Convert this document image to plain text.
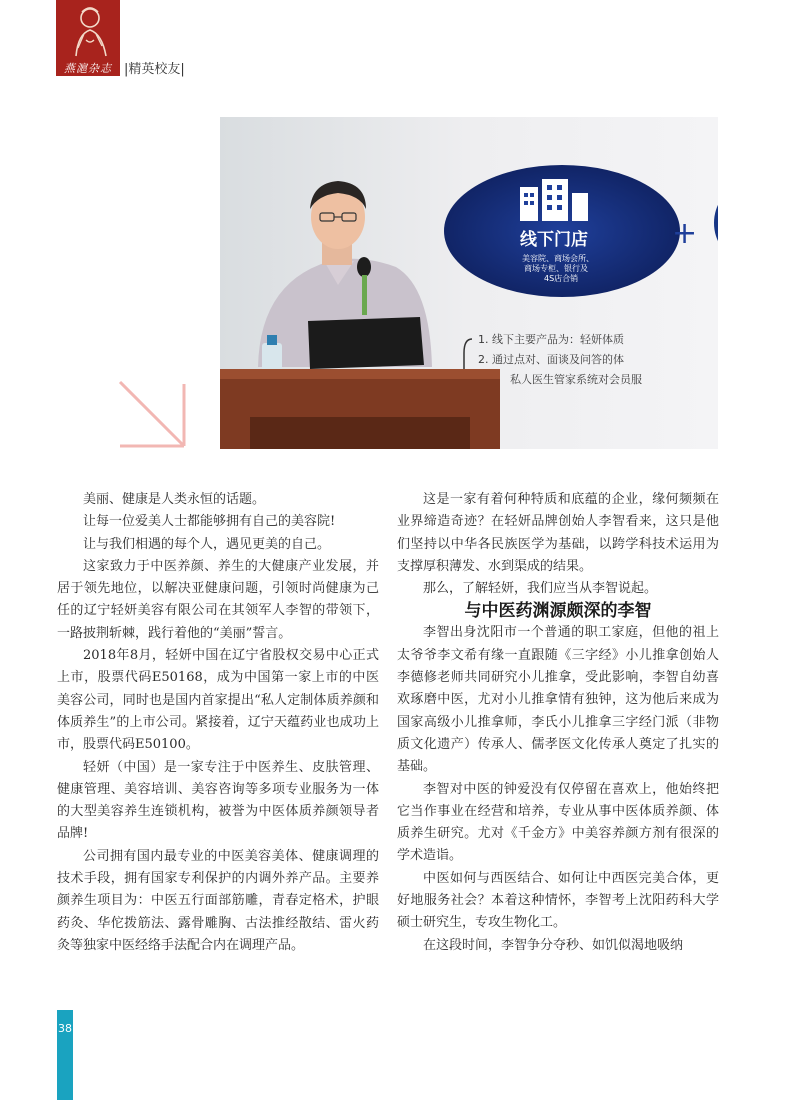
燕滬杂志 |精英校友|
线下门店
美容院、商场会所、
商场专柜、银行及
4S店合销
+
1. 线下主要产品为：轻妍体质
2. 通过点对、面谈及问答的体
私人医生管家系统对会员服

美丽、健康是人类永恒的话题。

让每一位爱美人士都能够拥有自己的美容院!

让与我们相遇的每个人，遇见更美的自己。

这家致力于中医养颜、养生的大健康产业发展，并居于领先地位，以解决亚健康问题，引领时尚健康为己任的辽宁轻妍美容有限公司在其领军人李智的带领下，一路披荆斩棘，践行着他的“美丽”誓言。

2018年8月，轻妍中国在辽宁省股权交易中心正式上市，股票代码E50168，成为中国第一家上市的中医美容公司，同时也是国内首家提出“私人定制体质养颜和体质养生”的上市公司。紧接着，辽宁天蕴药业也成功上市，股票代码E50100。

轻妍（中国）是一家专注于中医养生、皮肤管理、健康管理、美容培训、美容咨询等多项专业服务为一体的大型美容养生连锁机构，被誉为中医体质养颜领导者品牌!

公司拥有国内最专业的中医美容美体、健康调理的技术手段，拥有国家专利保护的内调外养产品。主要养颜养生项目为：中医五行面部筋雕，青春定格术，护眼药灸、华佗拨筋法、露骨雕胸、古法推经散结、雷火药灸等独家中医经络手法配合内在调理产品。

这是一家有着何种特质和底蕴的企业，缘何频频在业界缔造奇迹？在轻妍品牌创始人李智看来，这只是他们坚持以中华各民族医学为基础，以跨学科技术运用为支撑厚积薄发、水到渠成的结果。

那么，了解轻妍，我们应当从李智说起。

与中医药渊源颇深的李智

李智出身沈阳市一个普通的职工家庭，但他的祖上太爷爷李文希有缘一直跟随《三字经》小儿推拿创始人李德修老师共同研究小儿推拿，受此影响，李智自幼喜欢琢磨中医，尤对小儿推拿情有独钟，这为他后来成为国家高级小儿推拿师，李氏小儿推拿三字经门派（非物质文化遗产）传承人、儒孝医文化传承人奠定了扎实的基础。

李智对中医的钟爱没有仅停留在喜欢上，他始终把它当作事业在经营和培养，专业从事中医体质养颜、体质养生研究。尤对《千金方》中美容养颜方剂有很深的学术造诣。

中医如何与西医结合、如何让中西医完美合体，更好地服务社会？本着这种情怀，李智考上沈阳药科大学硕士研究生，专攻生物化工。

在这段时间，李智争分夺秒、如饥似渴地吸纳

38
